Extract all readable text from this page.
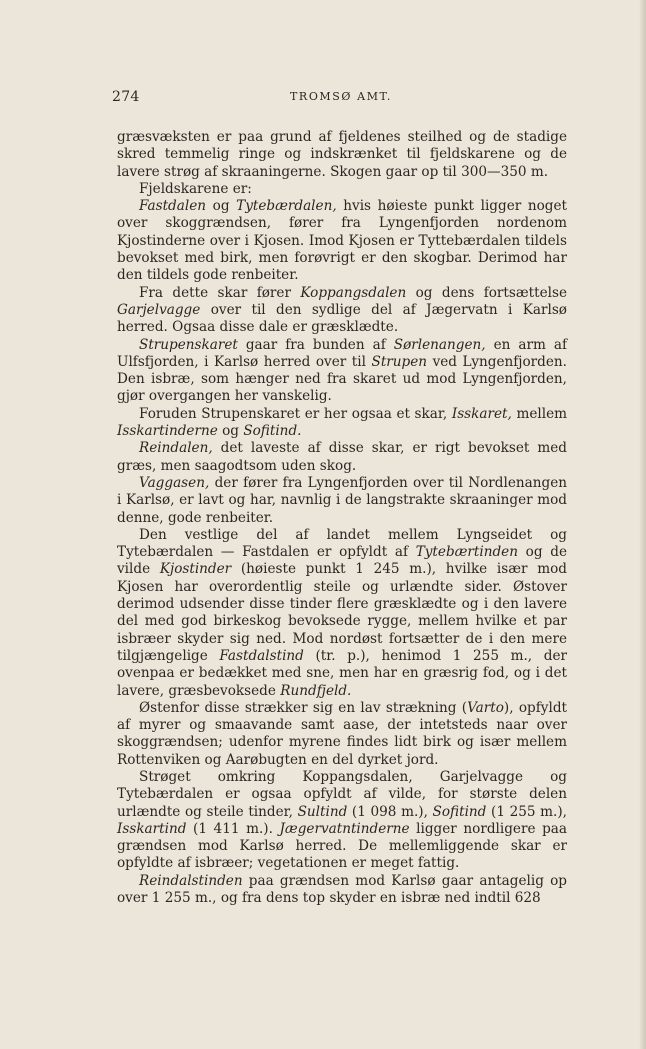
274	TROMSØ AMT.

græsvæksten er paa grund af fjeldenes steilhed og de stadige skred temmelig ringe og indskrænket til fjeldskarene og de lavere strøg af skraaningerne. Skogen gaar op til 300—350 m.

Fjeldskarene er:

Fastdalen og Tytebærdalen, hvis høieste punkt ligger noget over skoggrændsen, fører fra Lyngenfjorden nordenom Kjostinderne over i Kjosen. Imod Kjosen er Tyttebærdalen tildels bevokset med birk, men forøvrigt er den skogbar. Derimod har den tildels gode renbeiter.

Fra dette skar fører Koppangsdalen og dens fortsættelse Garjelvagge over til den sydlige del af Jægervatn i Karlsø herred. Ogsaa disse dale er græsklædte.

Strupenskaret gaar fra bunden af Sørlenangen, en arm af Ulfsfjorden, i Karlsø herred over til Strupen ved Lyngenfjorden. Den isbræ, som hænger ned fra skaret ud mod Lyngenfjorden, gjør overgangen her vanskelig.

Foruden Strupenskaret er her ogsaa et skar, Isskaret, mellem Isskartinderne og Sofitind.

Reindalen, det laveste af disse skar, er rigt bevokset med græs, men saagodtsom uden skog.

Vaggasen, der fører fra Lyngenfjorden over til Nordlenangen i Karlsø, er lavt og har, navnlig i de langstrakte skraaninger mod denne, gode renbeiter.

Den vestlige del af landet mellem Lyngseidet og Tytebærdalen — Fastdalen er opfyldt af Tytebærtinden og de vilde Kjostinder (høieste punkt 1 245 m.), hvilke især mod Kjosen har overordentlig steile og urlændte sider. Østover derimod udsender disse tinder flere græsklædte og i den lavere del med god birkeskog bevoksede rygge, mellem hvilke et par isbræer skyder sig ned. Mod nordøst fortsætter de i den mere tilgjængelige Fastdalstind (tr. p.), henimod 1 255 m., der ovenpaa er bedækket med sne, men har en græsrig fod, og i det lavere, græsbevoksede Rundfjeld.

Østenfor disse strækker sig en lav strækning (Varto), opfyldt af myrer og smaavande samt aase, der intetsteds naar over skoggrændsen; udenfor myrene findes lidt birk og især mellem Rottenviken og Aarøbugten en del dyrket jord.

Strøget omkring Koppangsdalen, Garjelvagge og Tytebærdalen er ogsaa opfyldt af vilde, for største delen urlændte og steile tinder, Sultind (1 098 m.), Sofitind (1 255 m.), Isskartind (1 411 m.). Jægervatntinderne ligger nordligere paa grændsen mod Karlsø herred. De mellemliggende skar er opfyldte af isbræer; vegetationen er meget fattig.

Reindalstinden paa grændsen mod Karlsø gaar antagelig op over 1 255 m., og fra dens top skyder en isbræ ned indtil 628
